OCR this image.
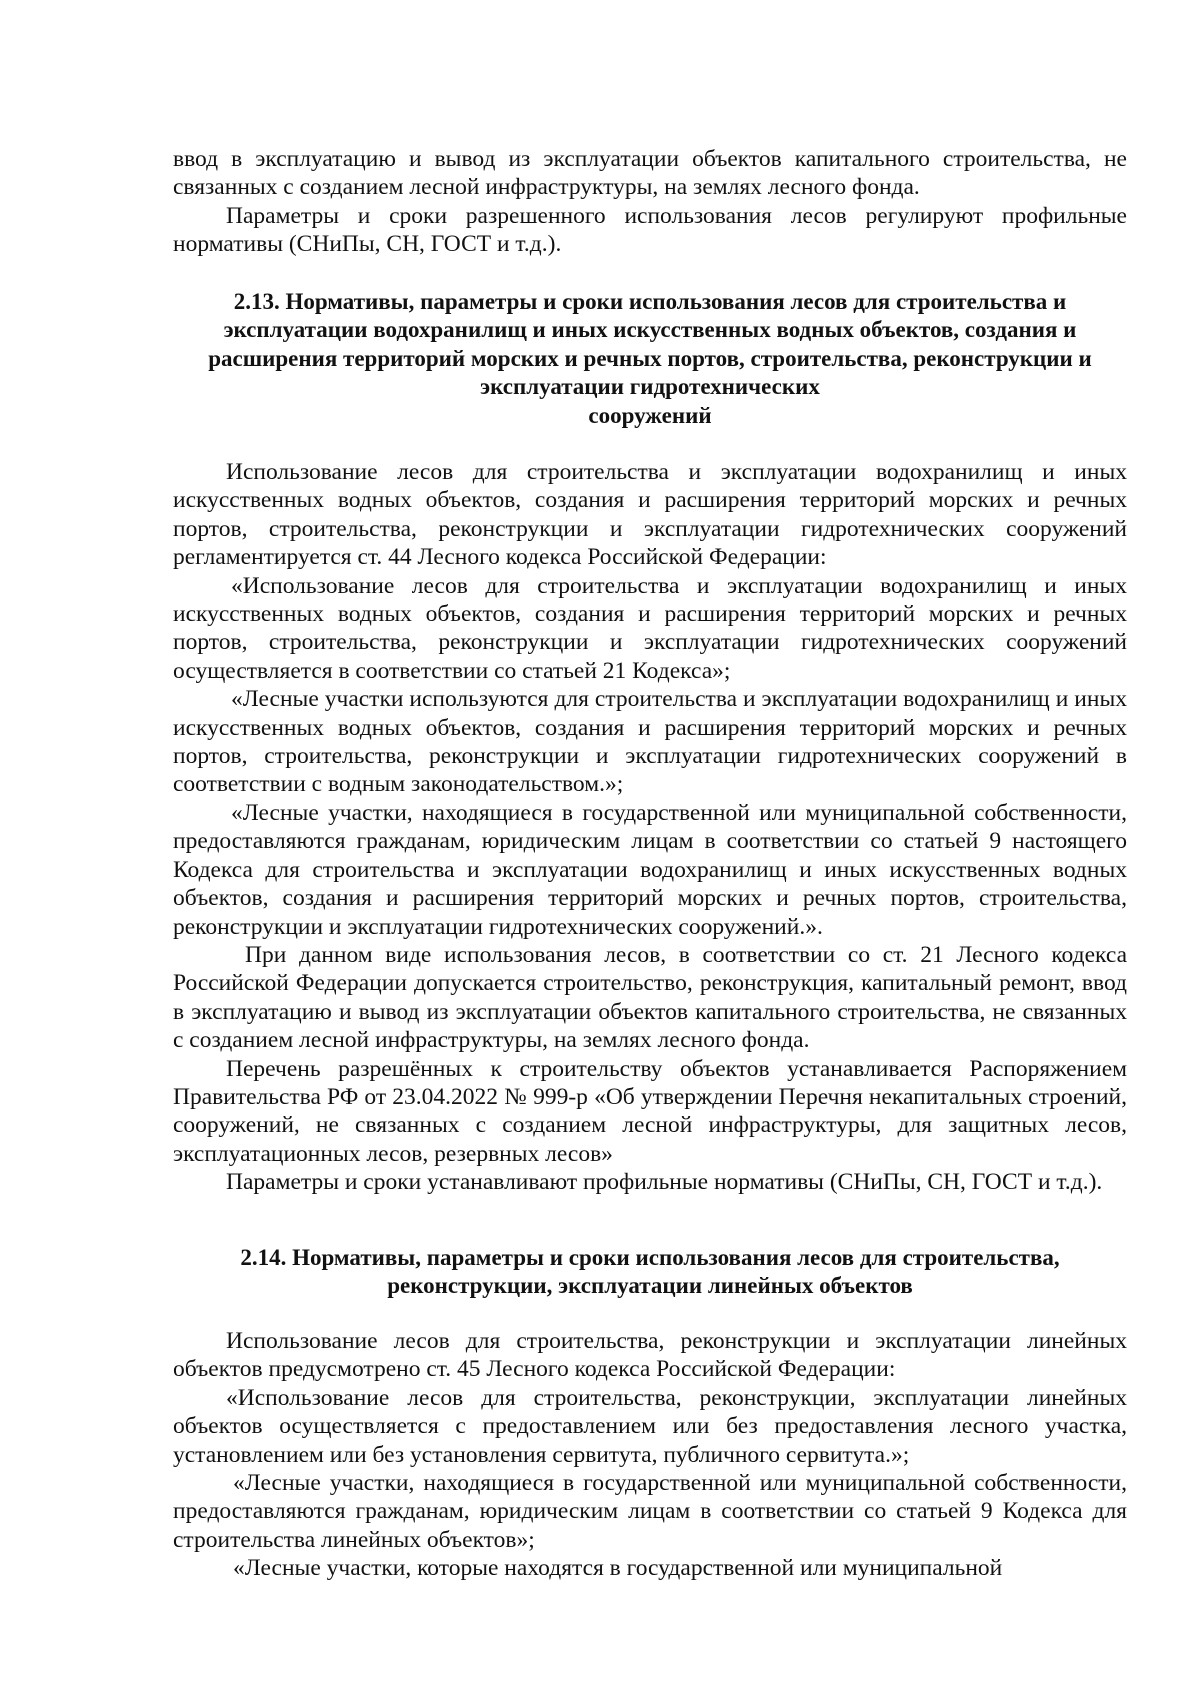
ввод в эксплуатацию и вывод из эксплуатации объектов капитального строительства, не связанных с созданием лесной инфраструктуры, на землях лесного фонда.

Параметры и сроки разрешенного использования лесов регулируют профильные нормативы (СНиПы, СН, ГОСТ и т.д.).

2.13. Нормативы, параметры и сроки использования лесов для строительства и эксплуатации водохранилищ и иных искусственных водных объектов, создания и расширения территорий морских и речных портов, строительства, реконструкции и эксплуатации гидротехнических

сооружений

Использование лесов для строительства и эксплуатации водохранилищ и иных искусственных водных объектов, создания и расширения территорий морских и речных портов, строительства, реконструкции и эксплуатации гидротехнических сооружений регламентируется ст. 44 Лесного кодекса Российской Федерации:

«Использование лесов для строительства и эксплуатации водохранилищ и иных искусственных водных объектов, создания и расширения территорий морских и речных портов, строительства, реконструкции и эксплуатации гидротехнических сооружений осуществляется в соответствии со статьей 21 Кодекса»;

«Лесные участки используются для строительства и эксплуатации водохранилищ и иных искусственных водных объектов, создания и расширения территорий морских и речных портов, строительства, реконструкции и эксплуатации гидротехнических сооружений в соответствии с водным законодательством.»;

«Лесные участки, находящиеся в государственной или муниципальной собственности, предоставляются гражданам, юридическим лицам в соответствии со статьей 9 настоящего Кодекса для строительства и эксплуатации водохранилищ и иных искусственных водных объектов, создания и расширения территорий морских и речных портов, строительства, реконструкции и эксплуатации гидротехнических сооружений.».

При данном виде использования лесов, в соответствии со ст. 21 Лесного кодекса Российской Федерации допускается строительство, реконструкция, капитальный ремонт, ввод в эксплуатацию и вывод из эксплуатации объектов капитального строительства, не связанных с созданием лесной инфраструктуры, на землях лесного фонда.

Перечень разрешённых к строительству объектов устанавливается Распоряжением Правительства РФ от 23.04.2022 № 999-р «Об утверждении Перечня некапитальных строений, сооружений, не связанных с созданием лесной инфраструктуры, для защитных лесов, эксплуатационных лесов, резервных лесов»

Параметры и сроки устанавливают профильные нормативы (СНиПы, СН, ГОСТ и т.д.).

2.14. Нормативы, параметры и сроки использования лесов для строительства, реконструкции, эксплуатации линейных объектов

Использование лесов для строительства, реконструкции и эксплуатации линейных объектов предусмотрено ст. 45 Лесного кодекса Российской Федерации:

«Использование лесов для строительства, реконструкции, эксплуатации линейных объектов осуществляется с предоставлением или без предоставления лесного участка, установлением или без установления сервитута, публичного сервитута.»;

«Лесные участки, находящиеся в государственной или муниципальной собственности, предоставляются гражданам, юридическим лицам в соответствии со статьей 9 Кодекса для строительства линейных объектов»;

«Лесные участки, которые находятся в государственной или муниципальной
